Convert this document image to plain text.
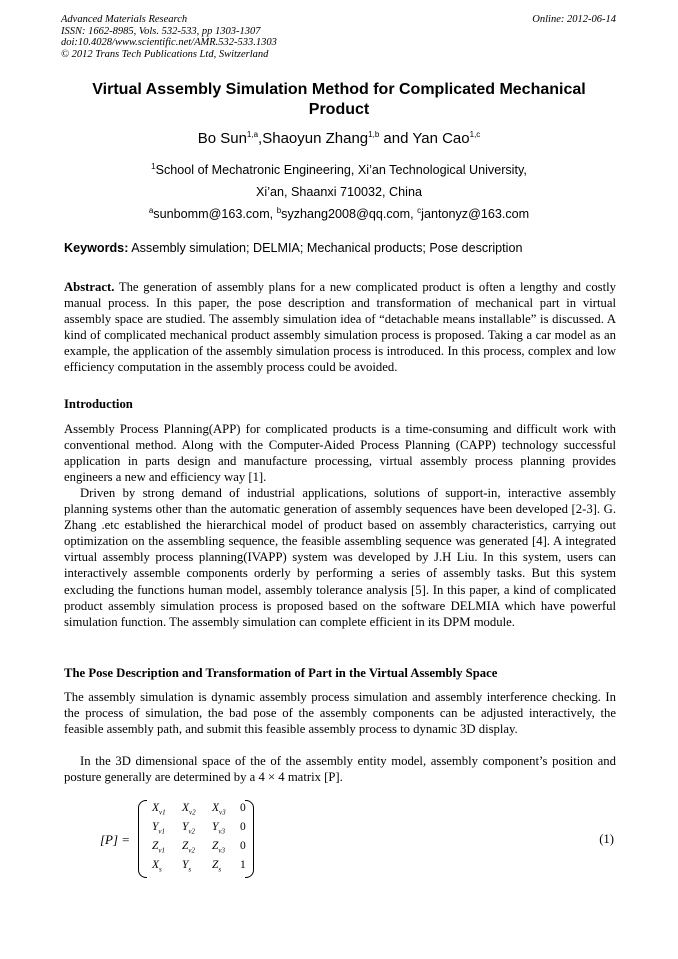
Advanced Materials Research
ISSN: 1662-8985, Vols. 532-533, pp 1303-1307
doi:10.4028/www.scientific.net/AMR.532-533.1303
© 2012 Trans Tech Publications Ltd, Switzerland
Online: 2012-06-14
Virtual Assembly Simulation Method for Complicated Mechanical Product
Bo Sun$^{1,a}$,Shaoyun Zhang$^{1,b}$ and Yan Cao$^{1,c}$
$^1$School of Mechatronic Engineering, Xi’an Technological University,
Xi’an, Shaanxi 710032, China
$^a$sunbomm@163.com, $^b$syzhang2008@qq.com, $^c$jantonyz@163.com
Keywords: Assembly simulation; DELMIA; Mechanical products; Pose description
Abstract. The generation of assembly plans for a new complicated product is often a lengthy and costly manual process. In this paper, the pose description and transformation of mechanical part in virtual assembly space are studied. The assembly simulation idea of “detachable means installable” is discussed. A kind of complicated mechanical product assembly simulation process is proposed. Taking a car model as an example, the application of the assembly simulation process is introduced. In this process, complex and low efficiency computation in the assembly process could be avoided.
Introduction
Assembly Process Planning(APP) for complicated products is a time-consuming and difficult work with conventional method. Along with the Computer-Aided Process Planning (CAPP) technology successful application in parts design and manufacture processing, virtual assembly process planning provides engineers a new and efficiency way [1].
Driven by strong demand of industrial applications, solutions of support-in, interactive assembly planning systems other than the automatic generation of assembly sequences have been developed [2-3]. G. Zhang .etc established the hierarchical model of product based on assembly characteristics, carrying out optimization on the assembling sequence, the feasible assembling sequence was generated [4]. A integrated virtual assembly process planning(IVAPP) system was developed by J.H Liu. In this system, users can interactively assemble components orderly by performing a series of assembly tasks. But this system excluding the functions human model, assembly tolerance analysis [5]. In this paper, a kind of complicated product assembly simulation process is proposed based on the software DELMIA which have powerful simulation function. The assembly simulation can complete efficient in its DPM module.
The Pose Description and Transformation of Part in the Virtual Assembly Space
The assembly simulation is dynamic assembly process simulation and assembly interference checking. In the process of simulation, the bad pose of the assembly components can be adjusted interactively, the feasible assembly path, and submit this feasible assembly process to dynamic 3D display.
In the 3D dimensional space of the of the assembly entity model, assembly component’s position and posture generally are determined by a 4 × 4 matrix [P].
[P] =
$X_{v1}$ $X_{v2}$ $X_{v3}$ 0
$Y_{v1}$ $Y_{v2}$ $Y_{v3}$ 0
$Z_{v1}$ $Z_{v2}$ $Z_{v3}$ 0
$X_s$ $Y_s$ $Z_s$ 1
(1)
